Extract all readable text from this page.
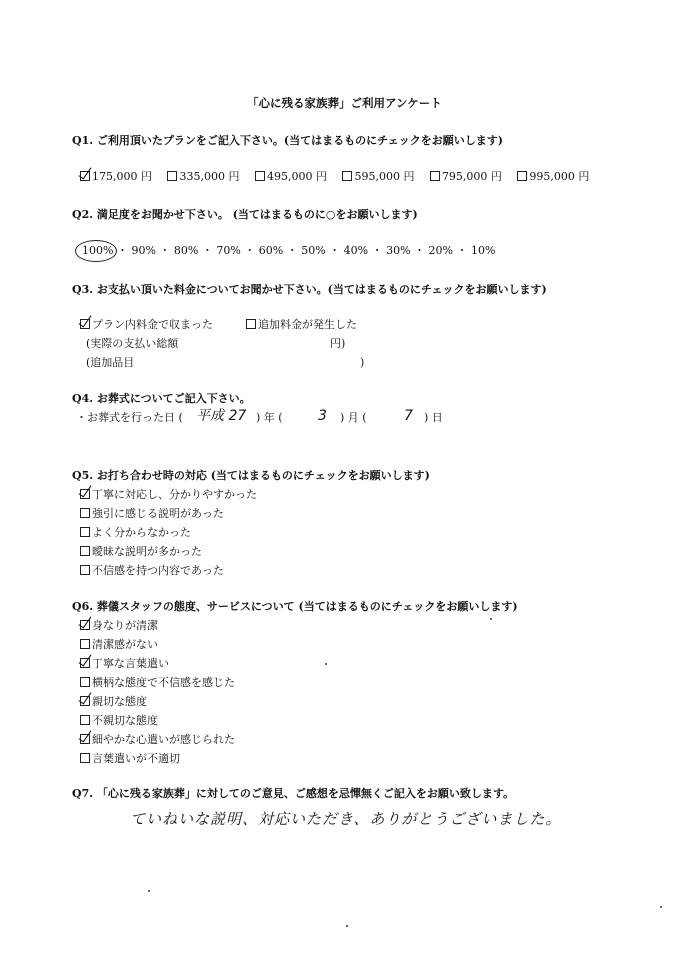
「心に残る家族葬」ご利用アンケート
Q1. ご利用頂いたプランをご記入下さい。(当てはまるものにチェックをお願いします)
175,000 円	335,000 円	495,000 円	595,000 円	795,000 円	995,000 円
Q2. 満足度をお聞かせ下さい。 (当てはまるものに○をお願いします)
100% ・ 90% ・ 80% ・ 70% ・ 60% ・ 50% ・ 40% ・ 30% ・ 20% ・ 10%
Q3. お支払い頂いた料金についてお聞かせ下さい。(当てはまるものにチェックをお願いします)
プラン内料金で収まった	追加料金が発生した
(実際の支払い総額	円)
(追加品目	)
Q4. お葬式についてご記入下さい。
・お葬式を行った日 ( 平成 27 ) 年 (	3 ) 月 (	7 ) 日
Q5. お打ち合わせ時の対応 (当てはまるものにチェックをお願いします)
丁寧に対応し、分かりやすかった
強引に感じる説明があった
よく分からなかった
曖昧な説明が多かった
不信感を持つ内容であった
Q6. 葬儀スタッフの態度、サービスについて (当てはまるものにチェックをお願いします)
身なりが清潔
清潔感がない
丁寧な言葉遣い
横柄な態度で不信感を感じた
親切な態度
不親切な態度
細やかな心遣いが感じられた
言葉遣いが不適切
Q7. 「心に残る家族葬」に対してのご意見、ご感想を忌憚無くご記入をお願い致します。
ていねいな説明、対応いただき、ありがとうございました。
